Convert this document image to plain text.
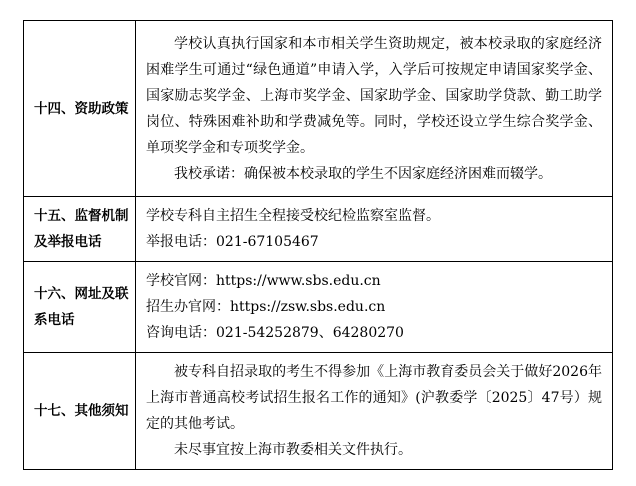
十四、资助政策	学校认真执行国家和本市相关学生资助规定，被本校录取的家庭经济困难学生可通过“绿色通道”申请入学，入学后可按规定申请国家奖学金、国家励志奖学金、上海市奖学金、国家助学金、国家助学贷款、勤工助学岗位、特殊困难补助和学费减免等。同时，学校还设立学生综合奖学金、单项奖学金和专项奖学金。

我校承诺：确保被本校录取的学生不因家庭经济困难而辍学。

十五、监督机制及举报电话	学校专科自主招生全程接受校纪检监察室监督。

举报电话：021-67105467

十六、网址及联系电话	学校官网：https://www.sbs.edu.cn

招生办官网：https://zsw.sbs.edu.cn

咨询电话：021-54252879、64280270

十七、其他须知	被专科自招录取的考生不得参加《上海市教育委员会关于做好2026年上海市普通高校考试招生报名工作的通知》(沪教委学〔2025〕47号）规定的其他考试。

未尽事宜按上海市教委相关文件执行。
